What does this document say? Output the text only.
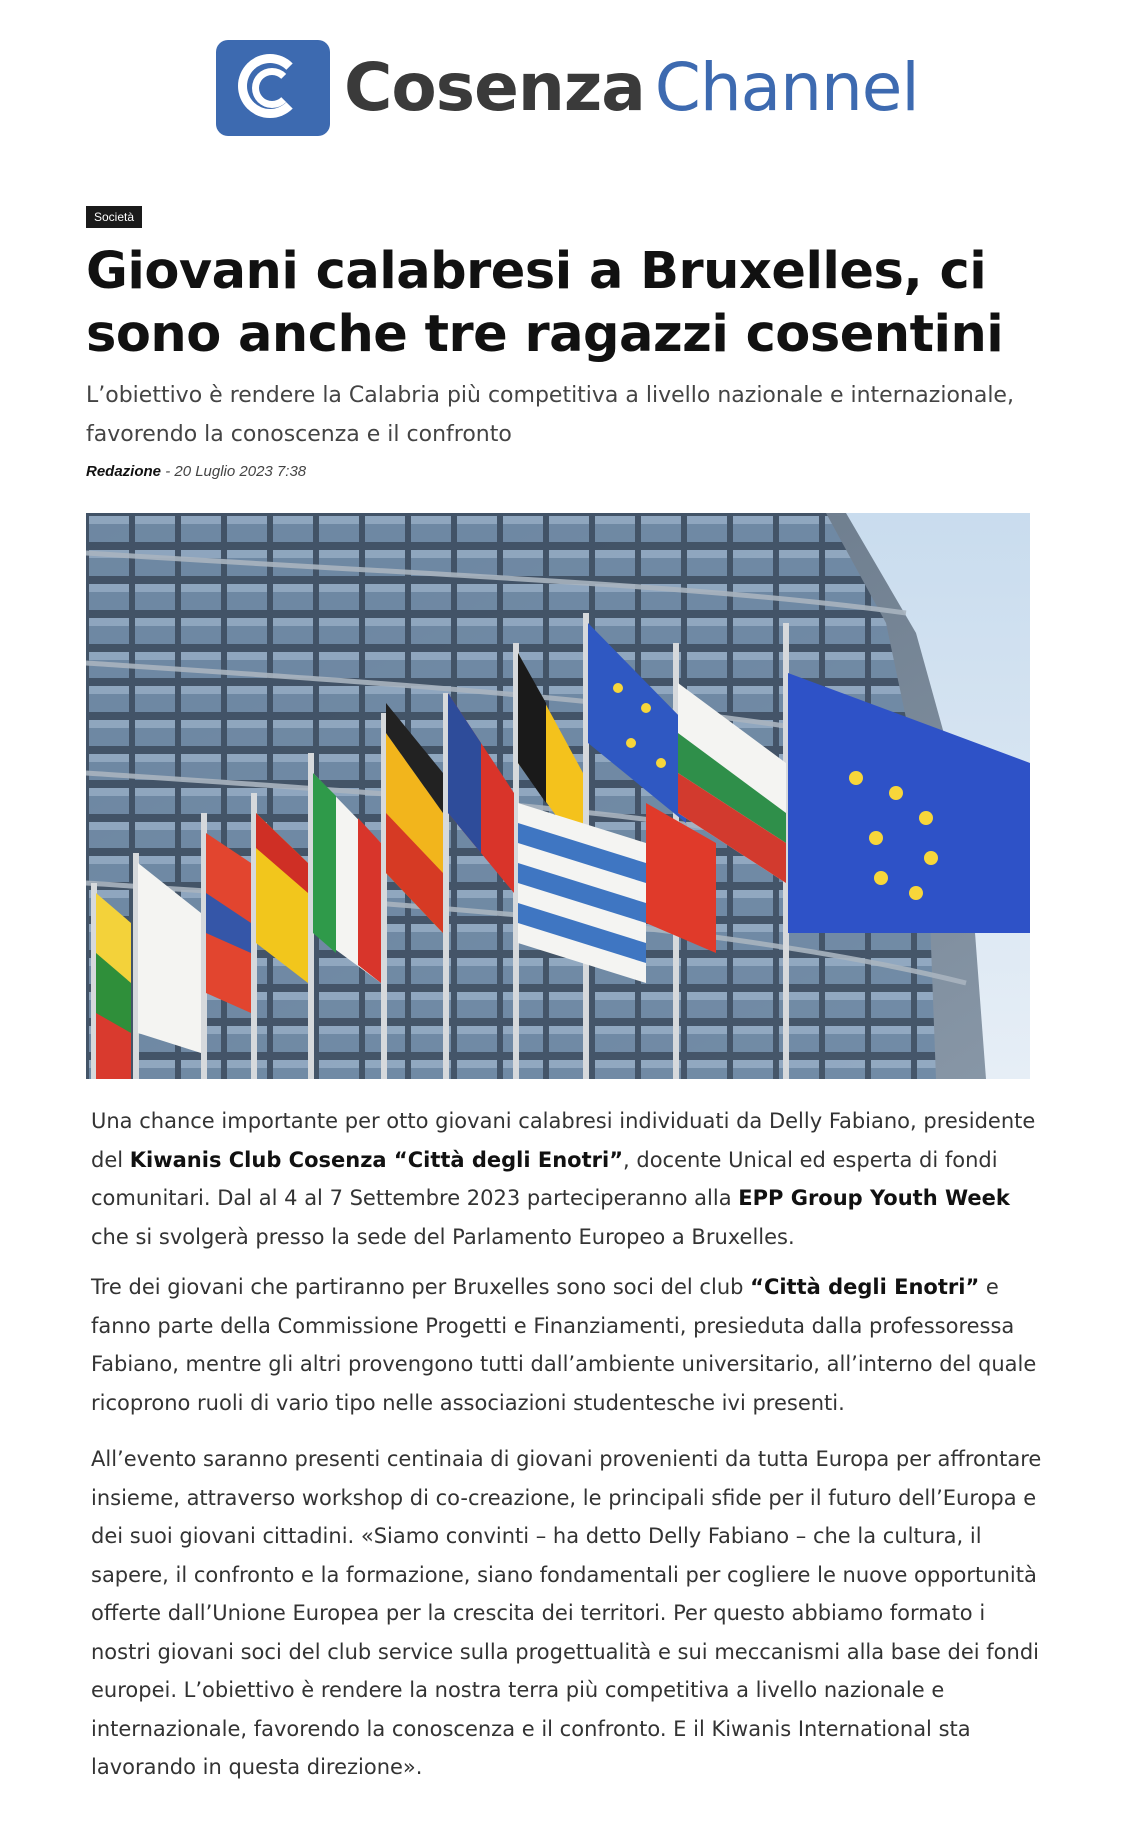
Cosenza Channel
Società
Giovani calabresi a Bruxelles, ci sono anche tre ragazzi cosentini

L’obiettivo è rendere la Calabria più competitiva a livello nazionale e internazionale, favorendo la conoscenza e il confronto

Redazione - 20 Luglio 2023 7:38

Una chance importante per otto giovani calabresi individuati da Delly Fabiano, presidente del Kiwanis Club Cosenza “Città degli Enotri”, docente Unical ed esperta di fondi comunitari. Dal al 4 al 7 Settembre 2023 parteciperanno alla EPP Group Youth Week che si svolgerà presso la sede del Parlamento Europeo a Bruxelles.

Tre dei giovani che partiranno per Bruxelles sono soci del club “Città degli Enotri” e fanno parte della Commissione Progetti e Finanziamenti, presieduta dalla professoressa Fabiano, mentre gli altri provengono tutti dall’ambiente universitario, all’interno del quale ricoprono ruoli di vario tipo nelle associazioni studentesche ivi presenti.

All’evento saranno presenti centinaia di giovani provenienti da tutta Europa per affrontare insieme, attraverso workshop di co-creazione, le principali sfide per il futuro dell’Europa e dei suoi giovani cittadini. «Siamo convinti – ha detto Delly Fabiano – che la cultura, il sapere, il confronto e la formazione, siano fondamentali per cogliere le nuove opportunità offerte dall’Unione Europea per la crescita dei territori. Per questo abbiamo formato i nostri giovani soci del club service sulla progettualità e sui meccanismi alla base dei fondi europei. L’obiettivo è rendere la nostra terra più competitiva a livello nazionale e internazionale, favorendo la conoscenza e il confronto. E il Kiwanis International sta lavorando in questa direzione».
